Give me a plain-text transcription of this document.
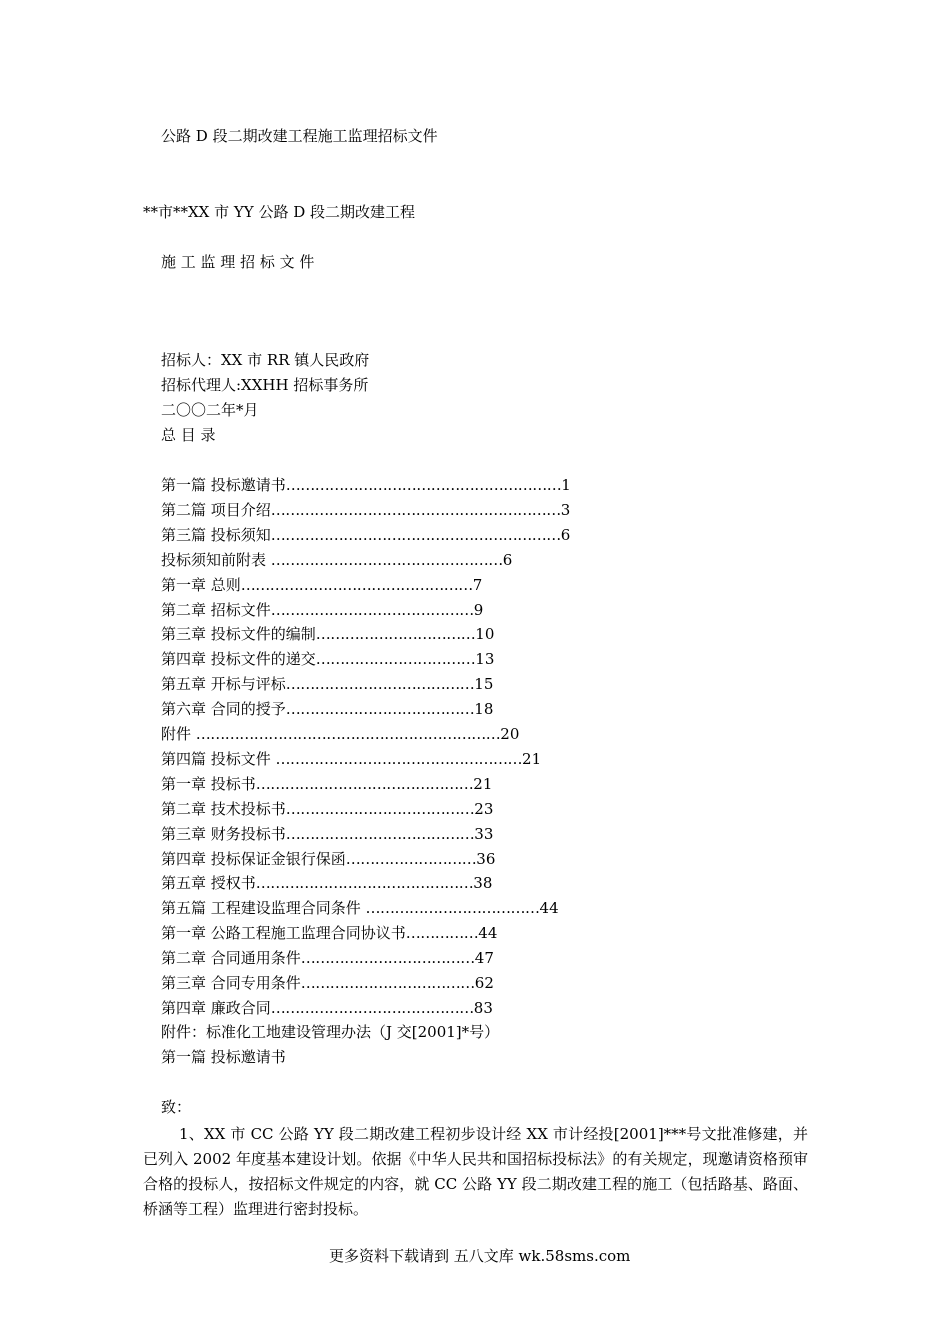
公路 D 段二期改建工程施工监理招标文件
**市**XX 市 YY 公路 D 段二期改建工程
施 工 监 理 招 标 文 件
招标人：XX 市 RR 镇人民政府
招标代理人:XXHH 招标事务所
二〇〇二年*月
总 目 录
第一篇 投标邀请书…………………………………………………1
第二篇 项目介绍……………………………………………………3
第三篇 投标须知……………………………………………………6
投标须知前附表 …………………………………………6
第一章 总则…………………………………………7
第二章 招标文件……………………………………9
第三章 投标文件的编制……………………………10
第四章 投标文件的递交……………………………13
第五章 开标与评标…………………………………15
第六章 合同的授予…………………………………18
附件 ………………………………………………………20
第四篇 投标文件 ……………………………………………21
第一章 投标书………………………………………21
第二章 技术投标书…………………………………23
第三章 财务投标书…………………………………33
第四章 投标保证金银行保函………………………36
第五章 授权书………………………………………38
第五篇 工程建设监理合同条件 ………………………………44
第一章 公路工程施工监理合同协议书……………44
第二章 合同通用条件………………………………47
第三章 合同专用条件………………………………62
第四章 廉政合同……………………………………83
附件：标准化工地建设管理办法（J 交[2001]*号）
第一篇 投标邀请书
致：

1、XX 市 CC 公路 YY 段二期改建工程初步设计经 XX 市计经投[2001]***号文批准修建，并已列入 2002 年度基本建设计划。依据《中华人民共和国招标投标法》的有关规定，现邀请资格预审合格的投标人，按招标文件规定的内容，就 CC 公路 YY 段二期改建工程的施工（包括路基、路面、桥涵等工程）监理进行密封投标。

更多资料下载请到 五八文库 wk.58sms.com
